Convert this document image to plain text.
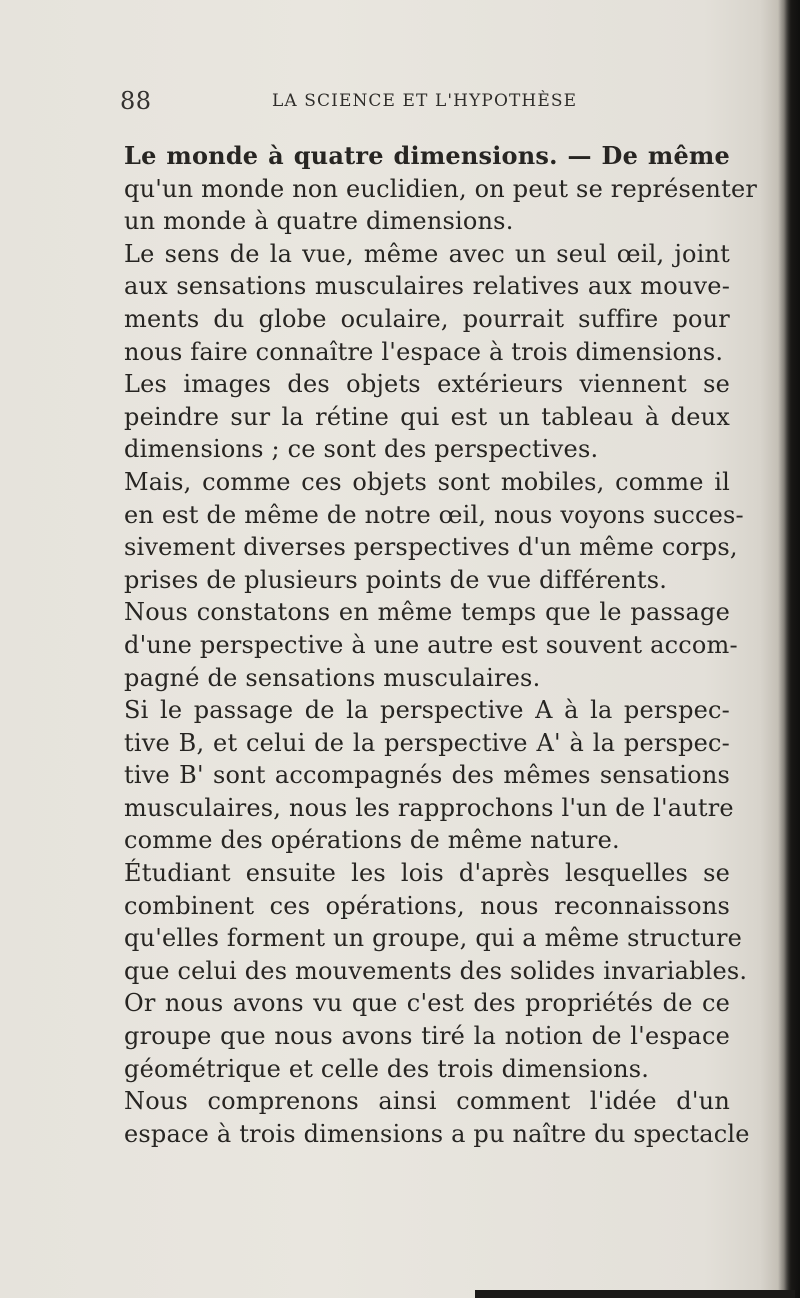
88	LA SCIENCE ET L'HYPOTHÈSE
Le monde à quatre dimensions. — De même
qu'un monde non euclidien, on peut se représenter
un monde à quatre dimensions.
Le sens de la vue, même avec un seul œil, joint
aux sensations musculaires relatives aux mouve-
ments du globe oculaire, pourrait suffire pour
nous faire connaître l'espace à trois dimensions.
Les images des objets extérieurs viennent se
peindre sur la rétine qui est un tableau à deux
dimensions ; ce sont des perspectives.
Mais, comme ces objets sont mobiles, comme il
en est de même de notre œil, nous voyons succes-
sivement diverses perspectives d'un même corps,
prises de plusieurs points de vue différents.
Nous constatons en même temps que le passage
d'une perspective à une autre est souvent accom-
pagné de sensations musculaires.
Si le passage de la perspective A à la perspec-
tive B, et celui de la perspective A' à la perspec-
tive B' sont accompagnés des mêmes sensations
musculaires, nous les rapprochons l'un de l'autre
comme des opérations de même nature.
Étudiant ensuite les lois d'après lesquelles se
combinent ces opérations, nous reconnaissons
qu'elles forment un groupe, qui a même structure
que celui des mouvements des solides invariables.
Or nous avons vu que c'est des propriétés de ce
groupe que nous avons tiré la notion de l'espace
géométrique et celle des trois dimensions.
Nous comprenons ainsi comment l'idée d'un
espace à trois dimensions a pu naître du spectacle
